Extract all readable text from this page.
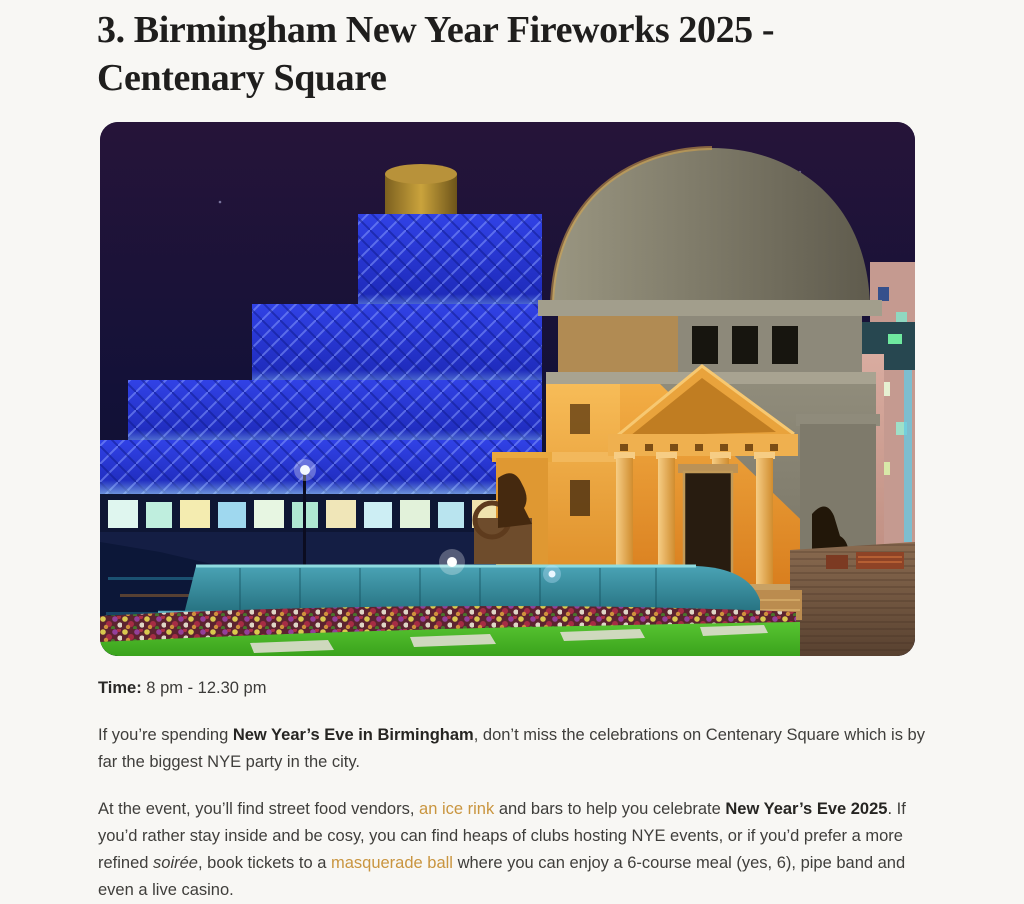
3. Birmingham New Year Fireworks 2025 -
Centenary Square

Time: 8 pm - 12.30 pm

If you’re spending New Year’s Eve in Birmingham, don’t miss the celebrations on Centenary Square which is by far the biggest NYE party in the city.

At the event, you’ll find street food vendors, an ice rink and bars to help you celebrate New Year’s Eve 2025. If you’d rather stay inside and be cosy, you can find heaps of clubs hosting NYE events, or if you’d prefer a more refined soirée, book tickets to a masquerade ball where you can enjoy a 6-course meal (yes, 6), pipe band and even a live casino.
